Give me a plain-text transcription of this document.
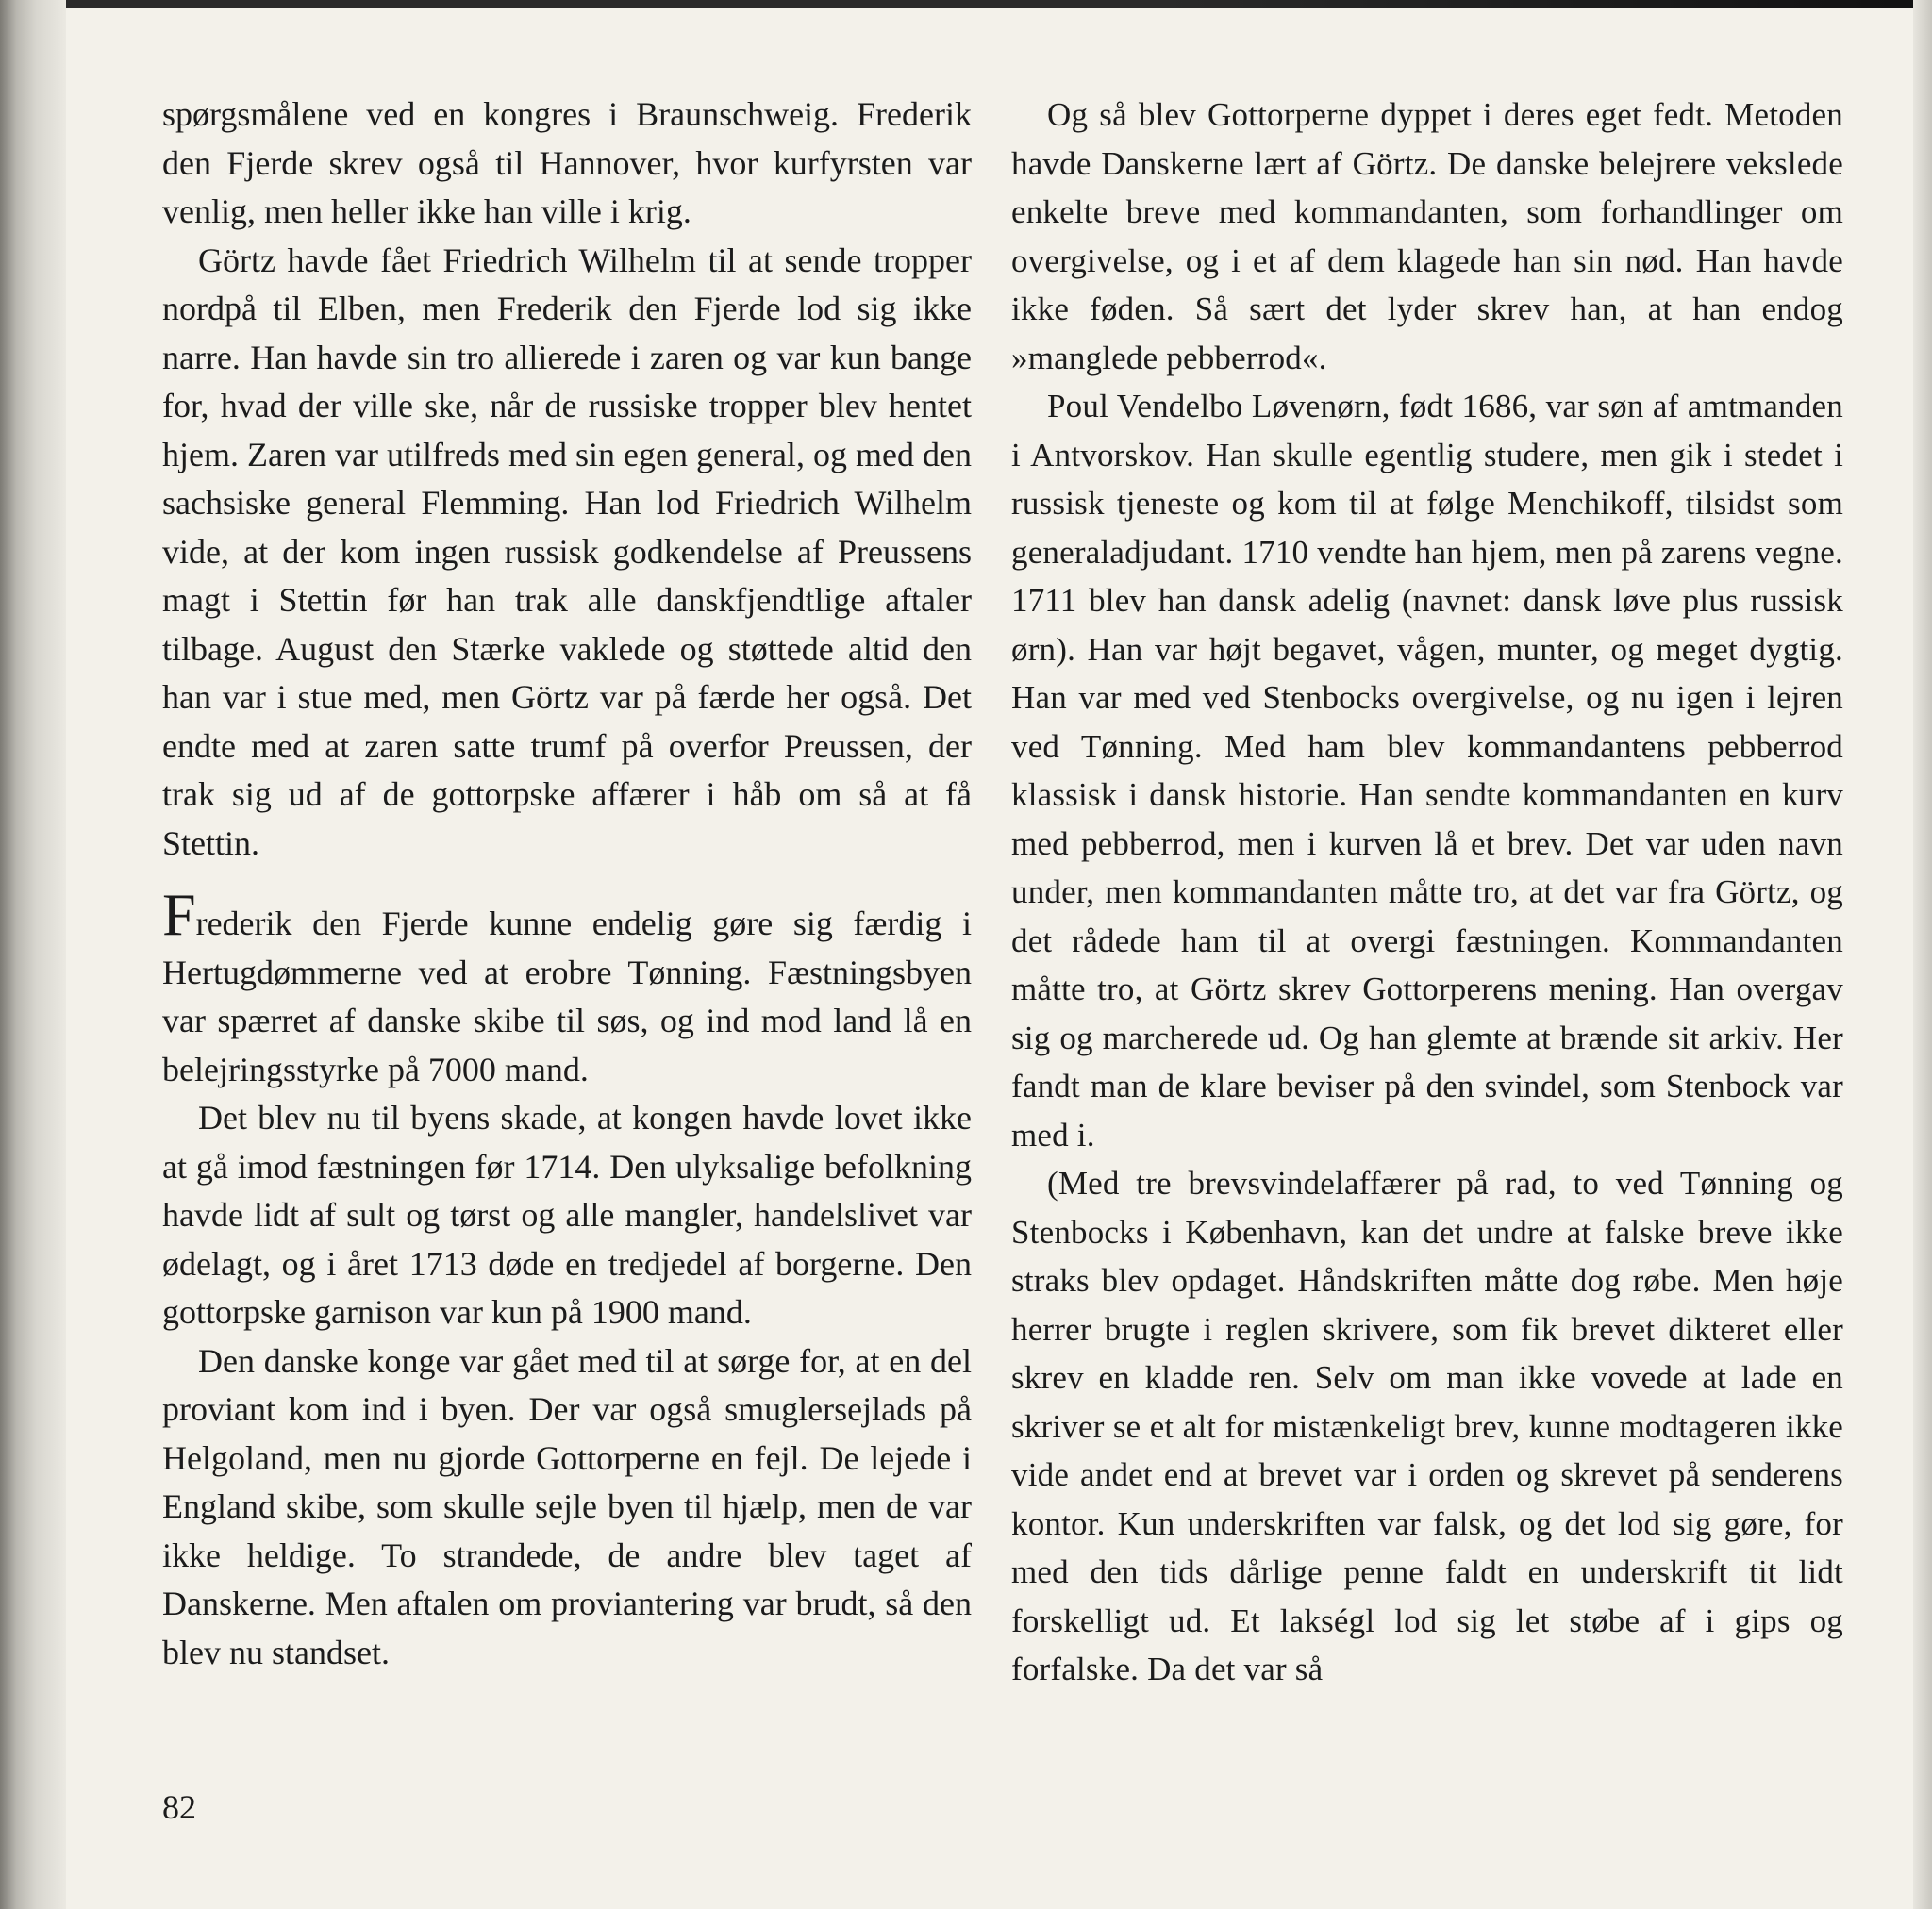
spørgsmålene ved en kongres i Braunschweig. Frederik den Fjerde skrev også til Hannover, hvor kurfyrsten var venlig, men heller ikke han ville i krig.

Görtz havde fået Friedrich Wilhelm til at sende tropper nordpå til Elben, men Frederik den Fjerde lod sig ikke narre. Han havde sin tro allierede i zaren og var kun bange for, hvad der ville ske, når de russiske tropper blev hentet hjem. Zaren var utilfreds med sin egen general, og med den sachsiske general Flemming. Han lod Friedrich Wilhelm vide, at der kom ingen russisk godkendelse af Preussens magt i Stettin før han trak alle danskfjendtlige aftaler tilbage. August den Stærke vaklede og støttede altid den han var i stue med, men Görtz var på færde her også. Det endte med at zaren satte trumf på overfor Preussen, der trak sig ud af de gottorpske affærer i håb om så at få Stettin.

Frederik den Fjerde kunne endelig gøre sig færdig i Hertugdømmerne ved at erobre Tønning. Fæstningsbyen var spærret af danske skibe til søs, og ind mod land lå en belejringsstyrke på 7000 mand.

Det blev nu til byens skade, at kongen havde lovet ikke at gå imod fæstningen før 1714. Den ulyksalige befolkning havde lidt af sult og tørst og alle mangler, handelslivet var ødelagt, og i året 1713 døde en tredjedel af borgerne. Den gottorpske garnison var kun på 1900 mand.

Den danske konge var gået med til at sørge for, at en del proviant kom ind i byen. Der var også smuglersejlads på Helgoland, men nu gjorde Gottorperne en fejl. De lejede i England skibe, som skulle sejle byen til hjælp, men de var ikke heldige. To strandede, de andre blev taget af Danskerne. Men aftalen om proviantering var brudt, så den blev nu standset.

Og så blev Gottorperne dyppet i deres eget fedt. Metoden havde Danskerne lært af Görtz. De danske belejrere vekslede enkelte breve med kommandanten, som forhandlinger om overgivelse, og i et af dem klagede han sin nød. Han havde ikke føden. Så sært det lyder skrev han, at han endog »manglede pebberrod«.

Poul Vendelbo Løvenørn, født 1686, var søn af amtmanden i Antvorskov. Han skulle egentlig studere, men gik i stedet i russisk tjeneste og kom til at følge Menchikoff, tilsidst som generaladjudant. 1710 vendte han hjem, men på zarens vegne. 1711 blev han dansk adelig (navnet: dansk løve plus russisk ørn). Han var højt begavet, vågen, munter, og meget dygtig. Han var med ved Stenbocks overgivelse, og nu igen i lejren ved Tønning. Med ham blev kommandantens pebberrod klassisk i dansk historie. Han sendte kommandanten en kurv med pebberrod, men i kurven lå et brev. Det var uden navn under, men kommandanten måtte tro, at det var fra Görtz, og det rådede ham til at overgi fæstningen. Kommandanten måtte tro, at Görtz skrev Gottorperens mening. Han overgav sig og marcherede ud. Og han glemte at brænde sit arkiv. Her fandt man de klare beviser på den svindel, som Stenbock var med i.

(Med tre brevsvindelaffærer på rad, to ved Tønning og Stenbocks i København, kan det undre at falske breve ikke straks blev opdaget. Håndskriften måtte dog røbe. Men høje herrer brugte i reglen skrivere, som fik brevet dikteret eller skrev en kladde ren. Selv om man ikke vovede at lade en skriver se et alt for mistænkeligt brev, kunne modtageren ikke vide andet end at brevet var i orden og skrevet på senderens kontor. Kun underskriften var falsk, og det lod sig gøre, for med den tids dårlige penne faldt en underskrift tit lidt forskelligt ud. Et lakségl lod sig let støbe af i gips og forfalske. Da det var så

82
